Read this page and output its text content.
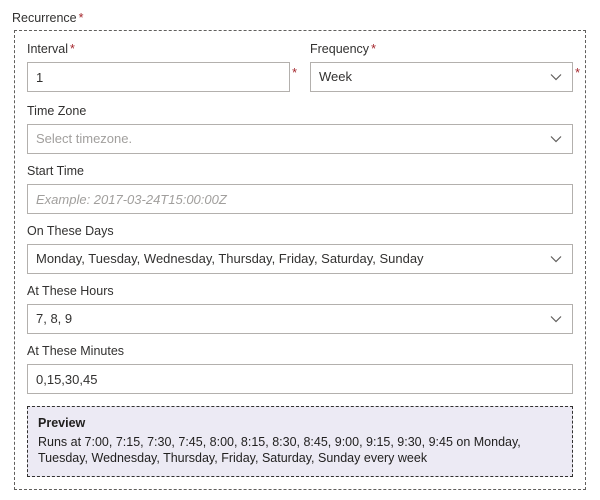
Recurrence *
Interval *
1
*
Frequency *
Week	*
Time Zone
Select timezone.
Start Time
Example: 2017-03-24T15:00:00Z
On These Days
Monday, Tuesday, Wednesday, Thursday, Friday, Saturday, Sunday
At These Hours
7, 8, 9
At These Minutes
0,15,30,45
Preview
Runs at 7:00, 7:15, 7:30, 7:45, 8:00, 8:15, 8:30, 8:45, 9:00, 9:15, 9:30, 9:45 on Monday, Tuesday, Wednesday, Thursday, Friday, Saturday, Sunday every week
